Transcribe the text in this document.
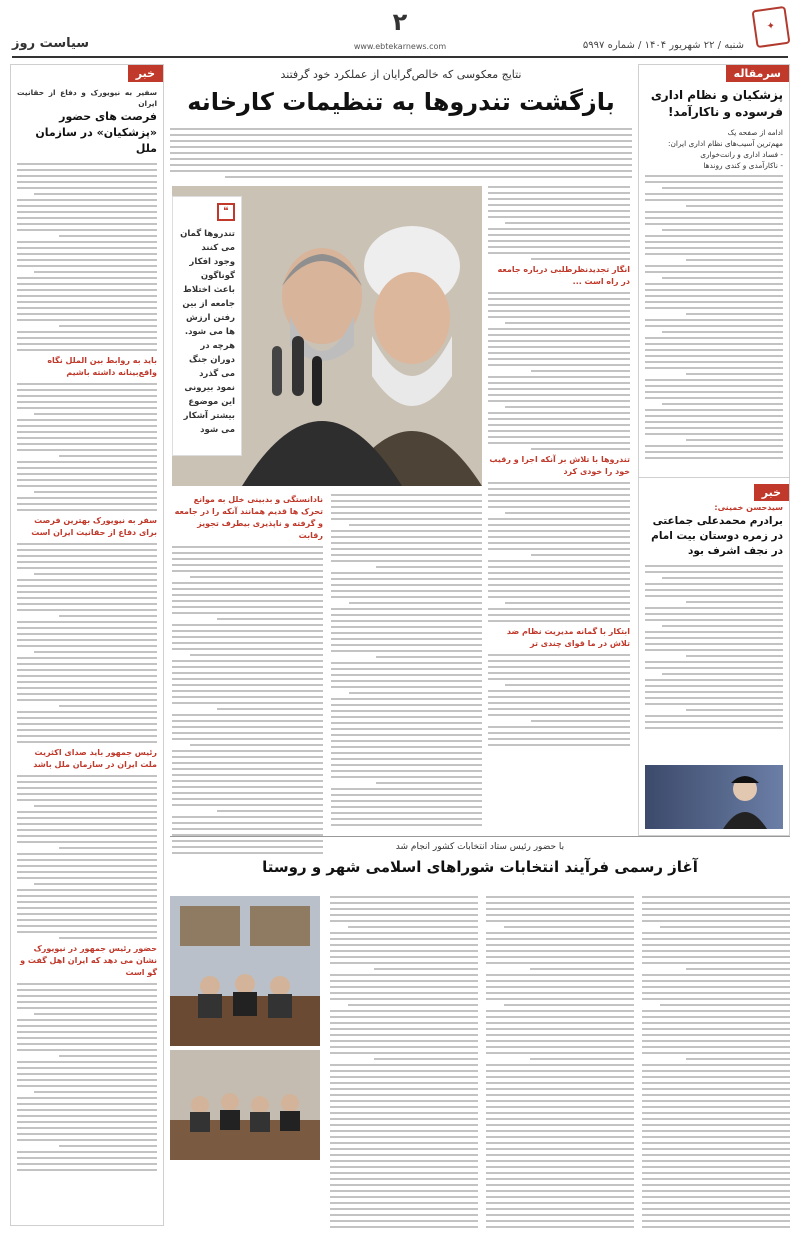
✦
شنبه / ۲۲ شهریور ۱۴۰۴ / شماره ۵۹۹۷
۲
www.ebtekarnews.com
سیاست روز
سرمقاله
پزشکیان و نظام اداری فرسوده و ناکارآمد!
ادامه از صفحه یک
مهم‌ترین آسیب‌های نظام اداری ایران:
- فساد اداری و رانت‌خواری
- ناکارآمدی و کندی روندها
خبر
سیدحسن خمینی:
برادرم محمدعلی جماعتی در زمره دوستان بیت امام در نجف اشرف بود
نتایج معکوسی که خالص‌گرایان از عملکرد خود گرفتند
بازگشت تندروها به تنظیمات کارخانه
❝
تندروها گمان می کنند وجود افکار گوناگون باعث اختلاط جامعه از بین رفتن ارزش ها می شود. هرچه در دوران جنگ می گذرد نمود بیرونی این موضوع بیشتر آشکار می شود
انگار تجدیدنظرطلبی درباره جامعه در راه است ...
تندروها با تلاش بر آنکه اجرا و رقیب خود را خودی کرد
ابتکار با گمانه مدیریت نظام ضد تلاش در ما قوای چندی تر
نادانستگی و بدبینی خلل به موانع تحرک ها قدیم همانند آنکه را در جامعه و گرفته و ناپذیری بیطرف تجویز رقابت
خبر
سفیر به نیویورک و دفاع از حقانیت ایران
فرصت های حضور «پزشکیان» در سازمان ملل
باید به روابط بین الملل نگاه واقع‌بینانه داشته باشیم
سفر به نیویورک بهترین فرصت برای دفاع از حقانیت ایران است
رئیس جمهور باید صدای اکثریت ملت ایران در سازمان ملل باشد
حضور رئیس جمهور در نیویورک نشان می دهد که ایران اهل گفت و گو است
با حضور رئیس ستاد انتخابات کشور انجام شد
آغاز رسمی فرآیند انتخابات شوراهای اسلامی شهر و روستا
